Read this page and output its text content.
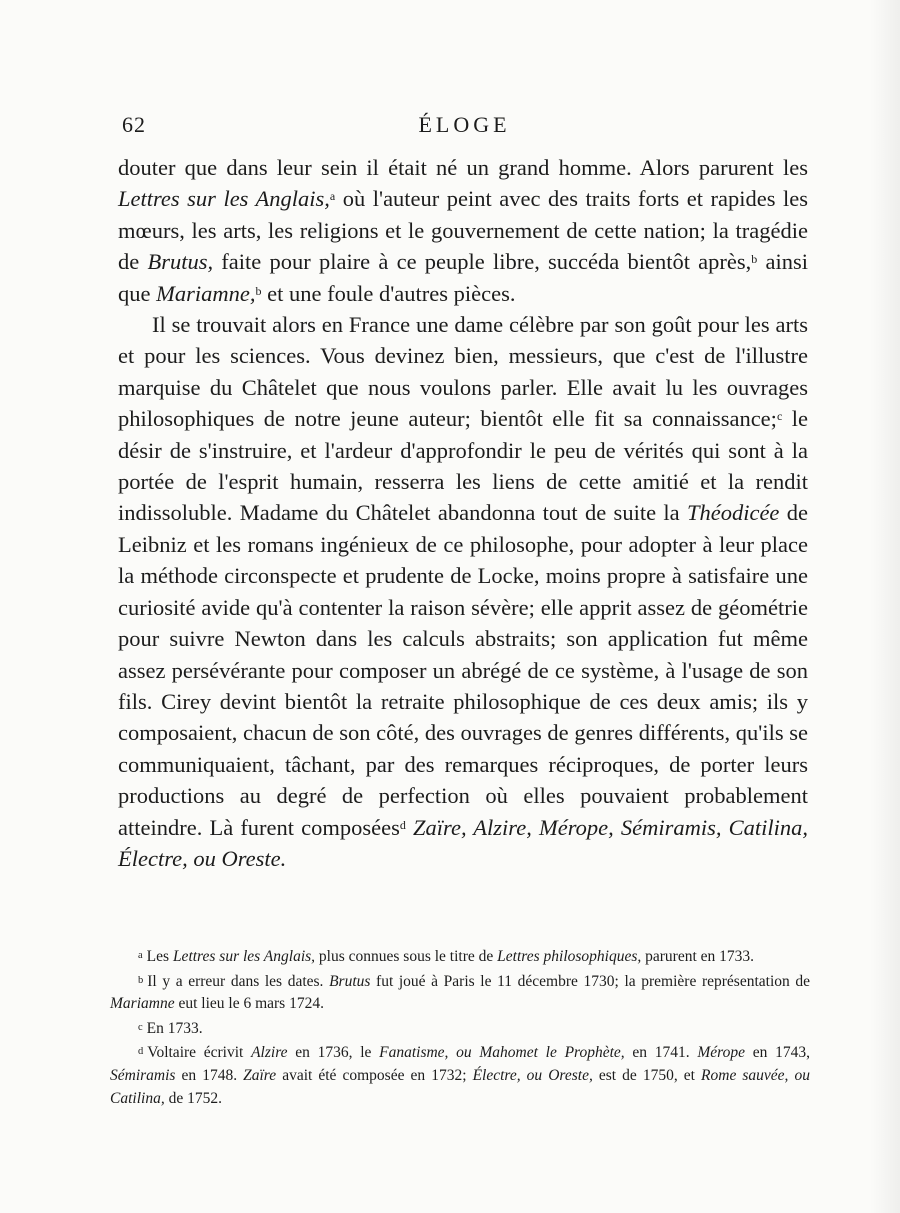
62	ÉLOGE

douter que dans leur sein il était né un grand homme. Alors parurent les Lettres sur les Anglais,$^a$ où l'auteur peint avec des traits forts et rapides les mœurs, les arts, les religions et le gouvernement de cette nation; la tragédie de Brutus, faite pour plaire à ce peuple libre, succéda bientôt après,$^b$ ainsi que Mariamne,$^b$ et une foule d'autres pièces.

Il se trouvait alors en France une dame célèbre par son goût pour les arts et pour les sciences. Vous devinez bien, messieurs, que c'est de l'illustre marquise du Châtelet que nous voulons parler. Elle avait lu les ouvrages philosophiques de notre jeune auteur; bientôt elle fit sa connaissance;$^c$ le désir de s'instruire, et l'ardeur d'approfondir le peu de vérités qui sont à la portée de l'esprit humain, resserra les liens de cette amitié et la rendit indissoluble. Madame du Châtelet abandonna tout de suite la Théodicée de Leibniz et les romans ingénieux de ce philosophe, pour adopter à leur place la méthode circonspecte et prudente de Locke, moins propre à satisfaire une curiosité avide qu'à contenter la raison sévère; elle apprit assez de géométrie pour suivre Newton dans les calculs abstraits; son application fut même assez persévérante pour composer un abrégé de ce système, à l'usage de son fils. Cirey devint bientôt la retraite philosophique de ces deux amis; ils y composaient, chacun de son côté, des ouvrages de genres différents, qu'ils se communiquaient, tâchant, par des remarques réciproques, de porter leurs productions au degré de perfection où elles pouvaient probablement atteindre. Là furent composées$^d$ Zaïre, Alzire, Mérope, Sémiramis, Catilina, Électre, ou Oreste.

$^a$ Les Lettres sur les Anglais, plus connues sous le titre de Lettres philosophiques, parurent en 1733.

$^b$ Il y a erreur dans les dates. Brutus fut joué à Paris le 11 décembre 1730; la première représentation de Mariamne eut lieu le 6 mars 1724.

$^c$ En 1733.

$^d$ Voltaire écrivit Alzire en 1736, le Fanatisme, ou Mahomet le Prophète, en 1741. Mérope en 1743, Sémiramis en 1748. Zaïre avait été composée en 1732; Électre, ou Oreste, est de 1750, et Rome sauvée, ou Catilina, de 1752.
